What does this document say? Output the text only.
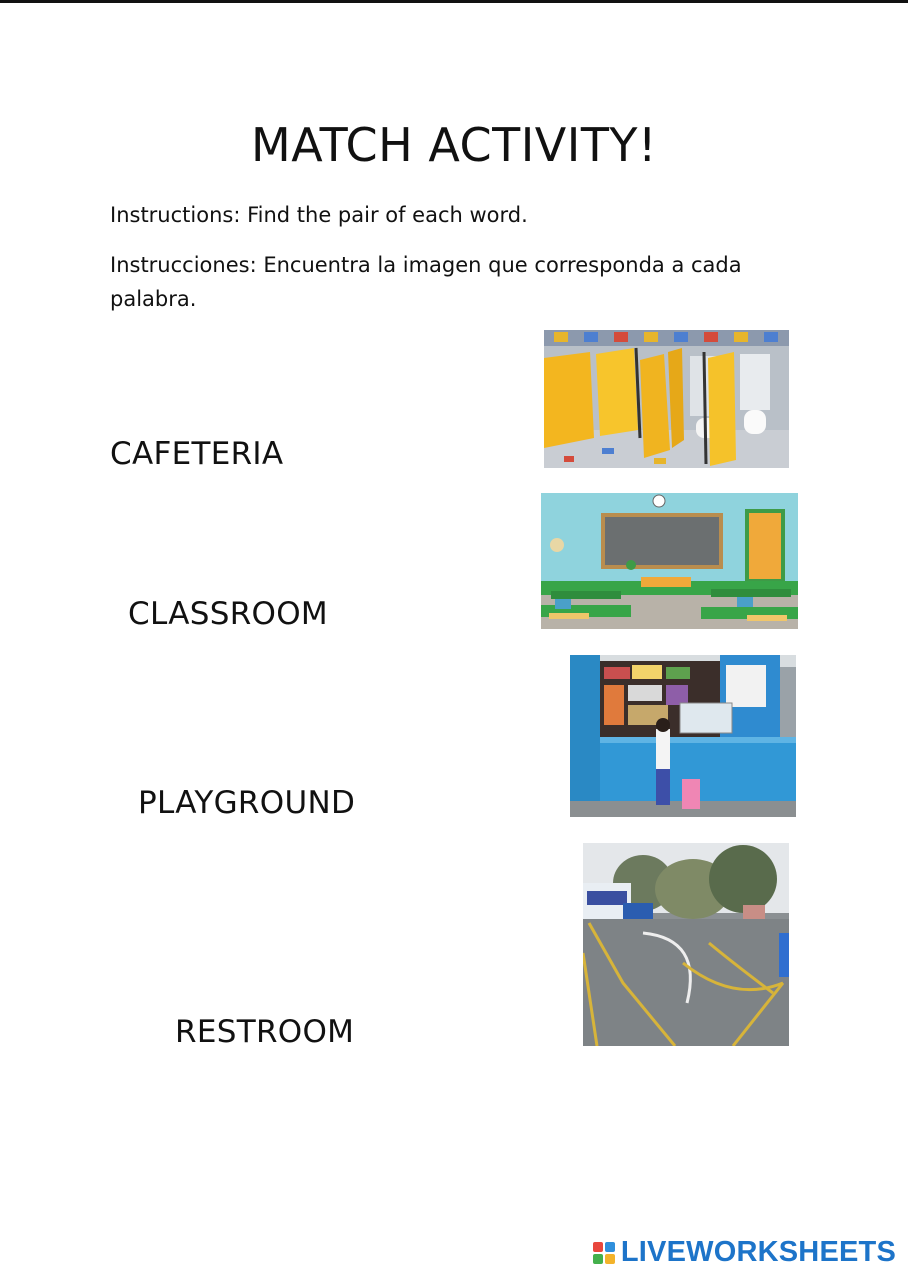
MATCH ACTIVITY!
Instructions: Find the pair of each word.
Instrucciones: Encuentra la imagen que corresponda a cada palabra.
CAFETERIA
CLASSROOM
PLAYGROUND
RESTROOM
LIVEWORKSHEETS
